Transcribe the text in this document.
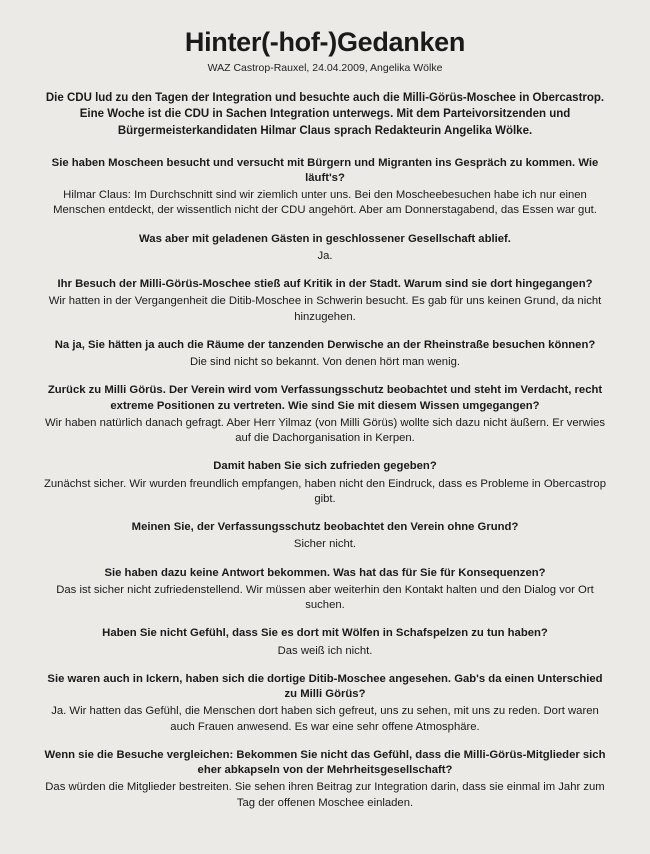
Hinter(-hof-)Gedanken
WAZ Castrop-Rauxel, 24.04.2009, Angelika Wölke
Die CDU lud zu den Tagen der Integration und besuchte auch die Milli-Görüs-Moschee in Obercastrop. Eine Woche ist die CDU in Sachen Integration unterwegs. Mit dem Parteivorsitzenden und Bürgermeisterkandidaten Hilmar Claus sprach Redakteurin Angelika Wölke.

Sie haben Moscheen besucht und versucht mit Bürgern und Migranten ins Gespräch zu kommen. Wie läuft's?

Hilmar Claus: Im Durchschnitt sind wir ziemlich unter uns. Bei den Moscheebesuchen habe ich nur einen Menschen entdeckt, der wissentlich nicht der CDU angehört. Aber am Donnerstagabend, das Essen war gut.

Was aber mit geladenen Gästen in geschlossener Gesellschaft ablief.

Ja.

Ihr Besuch der Milli-Görüs-Moschee stieß auf Kritik in der Stadt. Warum sind sie dort hingegangen?

Wir hatten in der Vergangenheit die Ditib-Moschee in Schwerin besucht. Es gab für uns keinen Grund, da nicht hinzugehen.

Na ja, Sie hätten ja auch die Räume der tanzenden Derwische an der Rheinstraße besuchen können?

Die sind nicht so bekannt. Von denen hört man wenig.

Zurück zu Milli Görüs. Der Verein wird vom Verfassungsschutz beobachtet und steht im Verdacht, recht extreme Positionen zu vertreten. Wie sind Sie mit diesem Wissen umgegangen?

Wir haben natürlich danach gefragt. Aber Herr Yilmaz (von Milli Görüs) wollte sich dazu nicht äußern. Er verwies auf die Dachorganisation in Kerpen.

Damit haben Sie sich zufrieden gegeben?

Zunächst sicher. Wir wurden freundlich empfangen, haben nicht den Eindruck, dass es Probleme in Obercastrop gibt.

Meinen Sie, der Verfassungsschutz beobachtet den Verein ohne Grund?

Sicher nicht.

Sie haben dazu keine Antwort bekommen. Was hat das für Sie für Konsequenzen?

Das ist sicher nicht zufriedenstellend. Wir müssen aber weiterhin den Kontakt halten und den Dialog vor Ort suchen.

Haben Sie nicht Gefühl, dass Sie es dort mit Wölfen in Schafspelzen zu tun haben?

Das weiß ich nicht.

Sie waren auch in Ickern, haben sich die dortige Ditib-Moschee angesehen. Gab's da einen Unterschied zu Milli Görüs?

Ja. Wir hatten das Gefühl, die Menschen dort haben sich gefreut, uns zu sehen, mit uns zu reden. Dort waren auch Frauen anwesend. Es war eine sehr offene Atmosphäre.

Wenn sie die Besuche vergleichen: Bekommen Sie nicht das Gefühl, dass die Milli-Görüs-Mitglieder sich eher abkapseln von der Mehrheitsgesellschaft?

Das würden die Mitglieder bestreiten. Sie sehen ihren Beitrag zur Integration darin, dass sie einmal im Jahr zum Tag der offenen Moschee einladen.
